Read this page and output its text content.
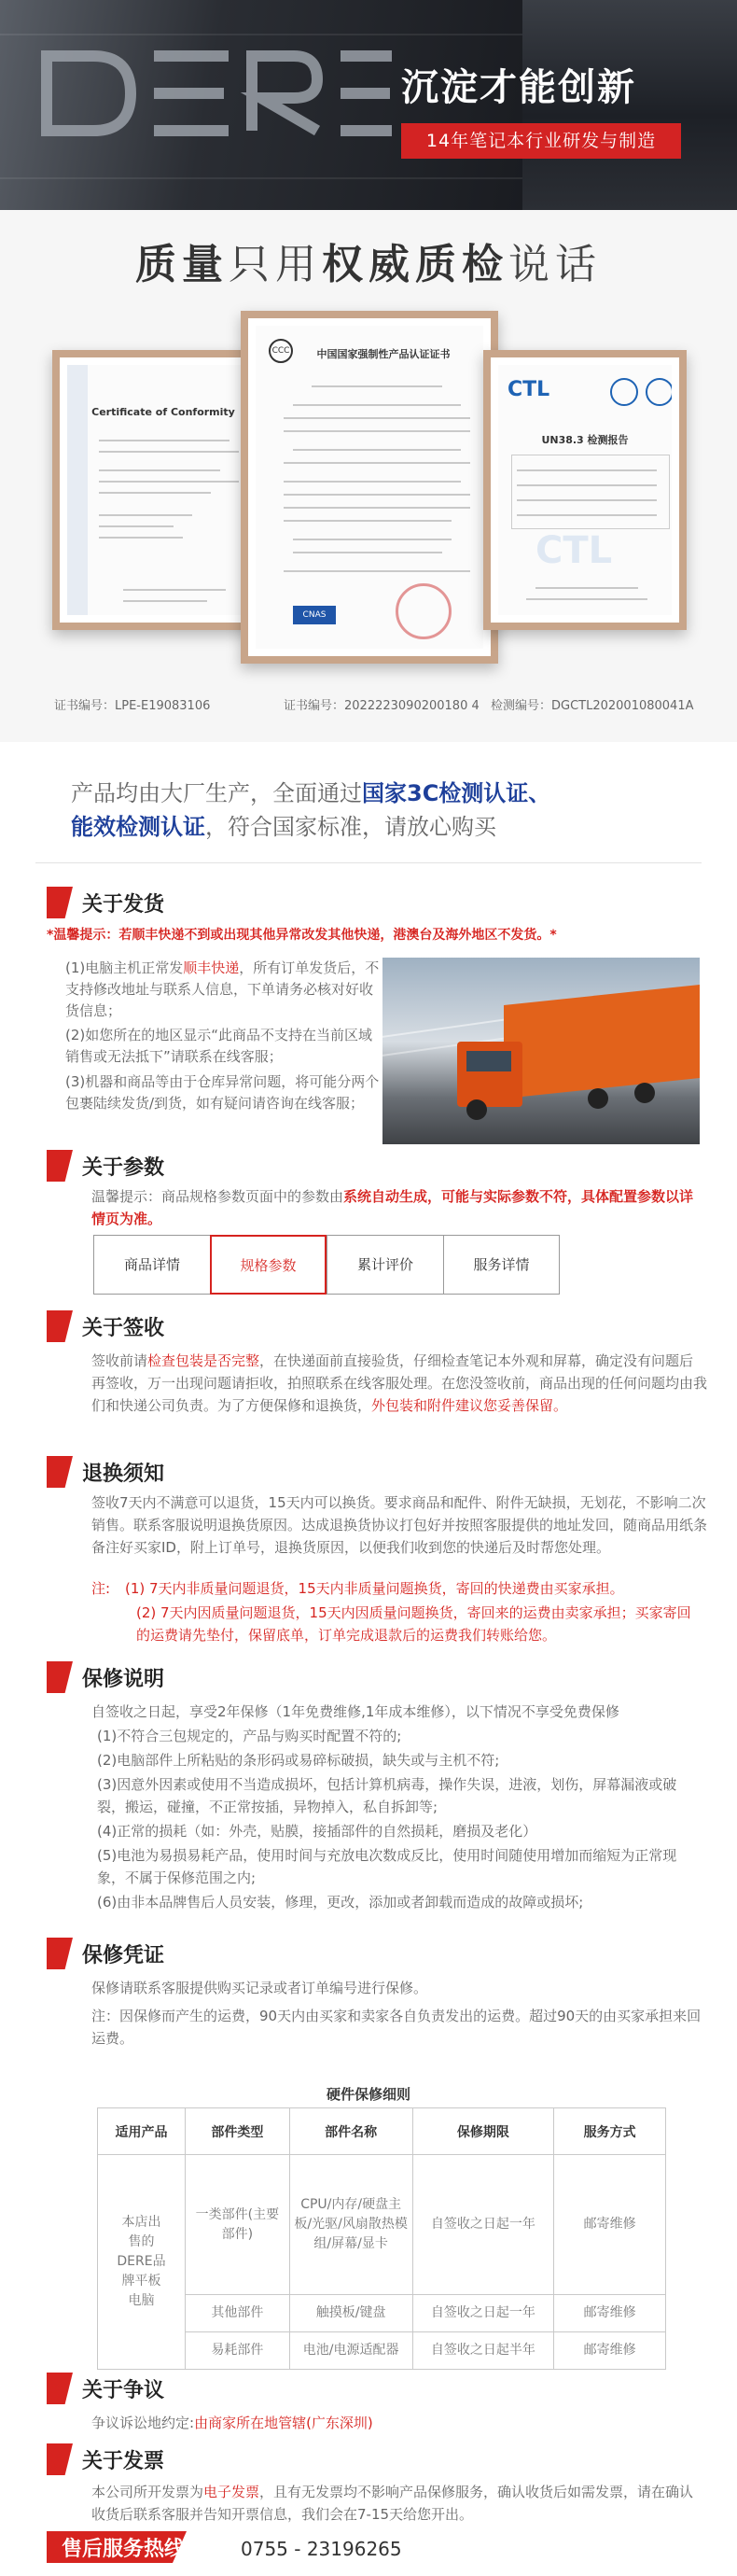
沉淀才能创新
14年笔记本行业研发与制造
质量只用权威质检说话
Certificate of Conformity
CCC	中国国家强制性产品认证证书
CNAS
CTL
UN38.3 检测报告
CTL
证书编号：LPE-E19083106	证书编号：2022223090200180 4 检测编号：DGCTL202001080041A
产品均由大厂生产，全面通过国家3C检测认证、
能效检测认证，符合国家标准，请放心购买
关于发货
*温馨提示：若顺丰快递不到或出现其他异常改发其他快递，港澳台及海外地区不发货。*
(1)电脑主机正常发顺丰快递，所有订单发货后，不支持修改地址与联系人信息，下单请务必核对好收货信息；
(2)如您所在的地区显示“此商品不支持在当前区域销售或无法抵下”请联系在线客服；
(3)机器和商品等由于仓库异常问题，将可能分两个包裹陆续发货/到货，如有疑问请咨询在线客服；
关于参数
温馨提示：商品规格参数页面中的参数由系统自动生成，可能与实际参数不符，具体配置参数以详情页为准。
商品详情	规格参数	累计评价	服务详情
关于签收
签收前请检查包装是否完整，在快递面前直接验货，仔细检查笔记本外观和屏幕，确定没有问题后再签收，万一出现问题请拒收，拍照联系在线客服处理。在您没签收前，商品出现的任何问题均由我们和快递公司负责。为了方便保修和退换货，外包装和附件建议您妥善保留。
退换须知
签收7天内不满意可以退货，15天内可以换货。要求商品和配件、附件无缺损，无划花，不影响二次销售。联系客服说明退换货原因。达成退换货协议打包好并按照客服提供的地址发回，随商品用纸条备注好买家ID，附上订单号，退换货原因，以便我们收到您的快递后及时帮您处理。
注:	(1) 7天内非质量问题退货，15天内非质量问题换货，寄回的快递费由买家承担。
(2) 7天内因质量问题退货，15天内因质量问题换货，寄回来的运费由卖家承担；买家寄回的运费请先垫付，保留底单，订单完成退款后的运费我们转账给您。
保修说明
自签收之日起，享受2年保修（1年免费维修,1年成本维修），以下情况不享受免费保修
(1)不符合三包规定的，产品与购买时配置不符的;
(2)电脑部件上所粘贴的条形码或易碎标破损，缺失或与主机不符;
(3)因意外因素或使用不当造成损坏，包括计算机病毒，操作失误，进液，划伤，屏幕漏液或破裂，搬运，碰撞，不正常按插，异物掉入，私自拆卸等;
(4)正常的损耗（如：外壳，贴膜，接插部件的自然损耗，磨损及老化）
(5)电池为易损易耗产品，使用时间与充放电次数成反比，使用时间随使用增加而缩短为正常现象，不属于保修范围之内;
(6)由非本品牌售后人员安装，修理，更改，添加或者卸载而造成的故障或损坏;
保修凭证
保修请联系客服提供购买记录或者订单编号进行保修。
注：因保修而产生的运费，90天内由买家和卖家各自负责发出的运费。超过90天的由买家承担来回运费。
硬件保修细则
适用产品	部件类型	部件名称	保修期限	服务方式
本店出售的DERE品牌平板电脑	一类部件(主要部件)	CPU/内存/硬盘主板/光驱/风扇散热模组/屏幕/显卡	自签收之日起一年	邮寄维修
	其他部件	触摸板/键盘	自签收之日起一年	邮寄维修
	易耗部件	电池/电源适配器	自签收之日起半年	邮寄维修
关于争议
争议诉讼地约定:由商家所在地管辖(广东深圳)
关于发票
本公司所开发票为电子发票，且有无发票均不影响产品保修服务，确认收货后如需发票，请在确认收货后联系客服并告知开票信息，我们会在7-15天给您开出。
售后服务热线	0755 - 23196265
